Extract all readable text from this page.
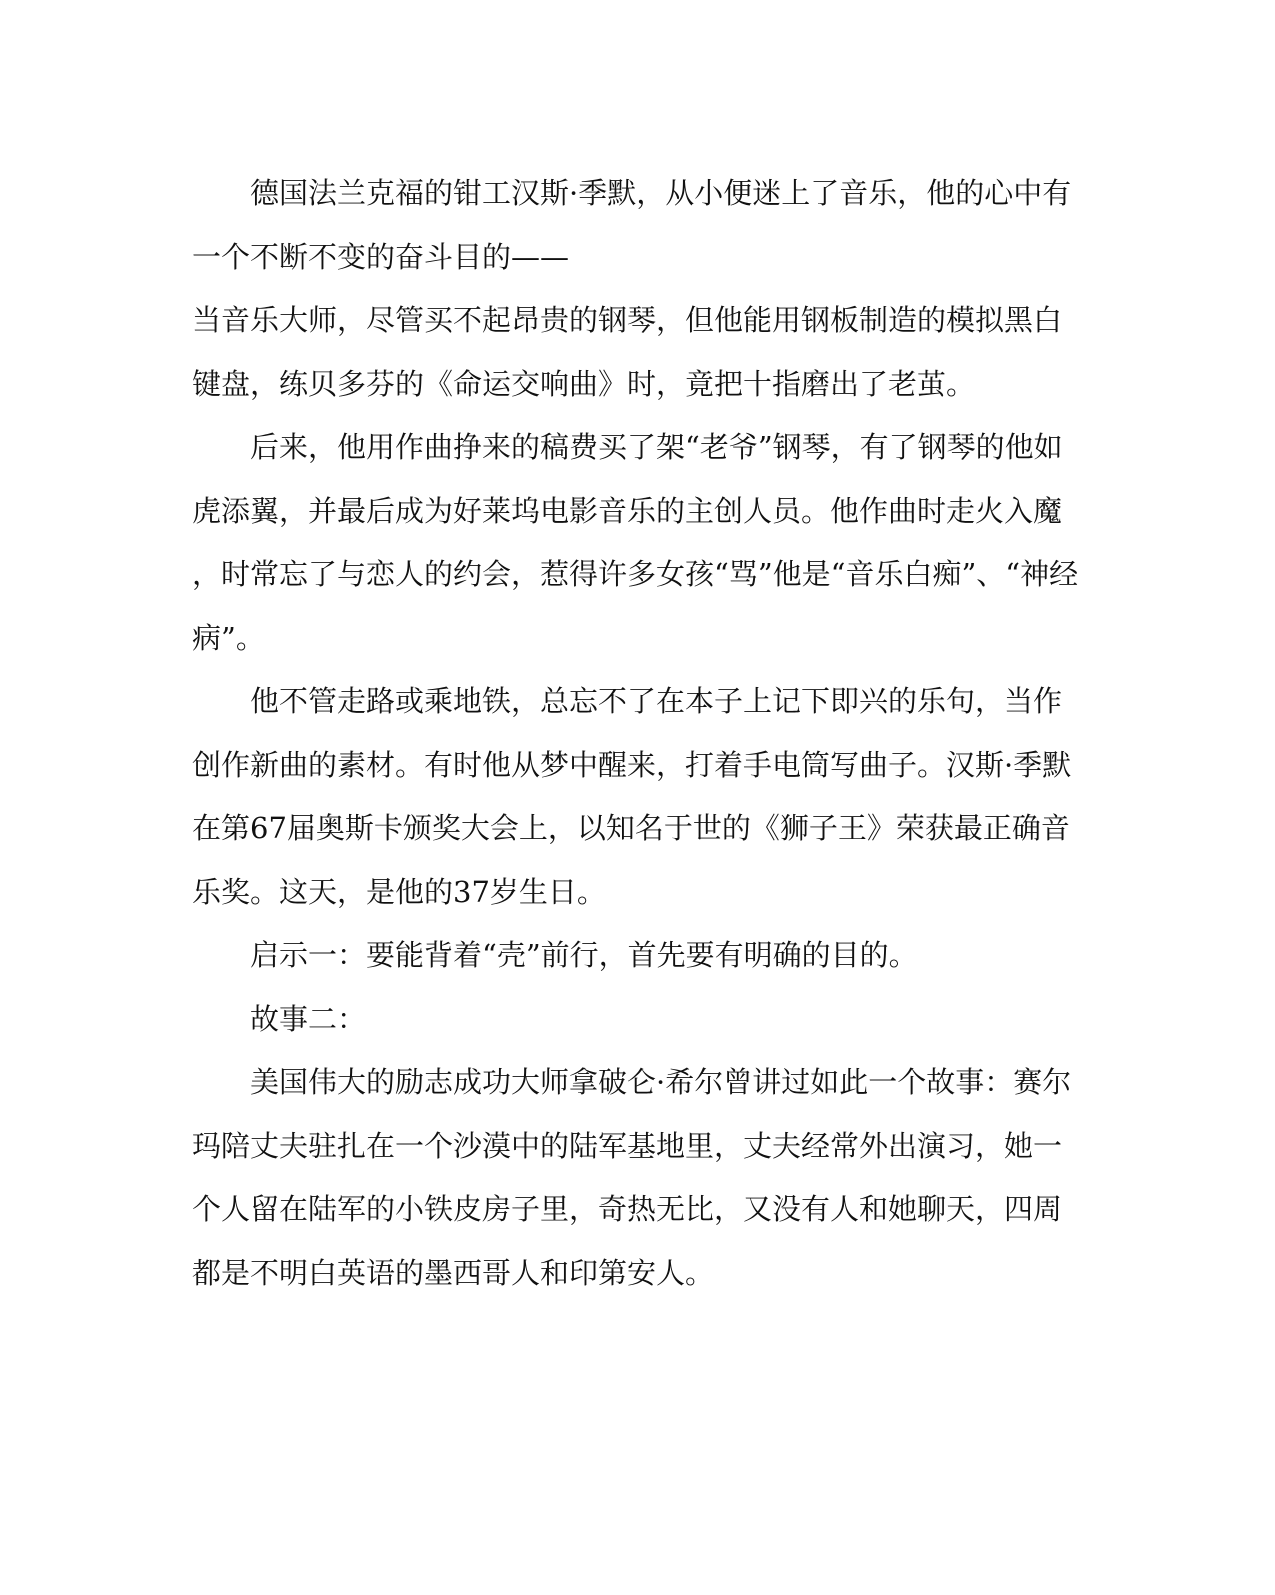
德国法兰克福的钳工汉斯·季默，从小便迷上了音乐，他的心中有

一个不断不变的奋斗目的——

当音乐大师，尽管买不起昂贵的钢琴，但他能用钢板制造的模拟黑白

键盘，练贝多芬的《命运交响曲》时，竟把十指磨出了老茧。

后来，他用作曲挣来的稿费买了架“老爷”钢琴，有了钢琴的他如

虎添翼，并最后成为好莱坞电影音乐的主创人员。他作曲时走火入魔

，时常忘了与恋人的约会，惹得许多女孩“骂”他是“音乐白痴”、“神经

病”。

他不管走路或乘地铁，总忘不了在本子上记下即兴的乐句，当作

创作新曲的素材。有时他从梦中醒来，打着手电筒写曲子。汉斯·季默

在第67届奥斯卡颁奖大会上，以知名于世的《狮子王》荣获最正确音

乐奖。这天，是他的37岁生日。

启示一：要能背着“壳”前行，首先要有明确的目的。

故事二：

美国伟大的励志成功大师拿破仑·希尔曾讲过如此一个故事：赛尔

玛陪丈夫驻扎在一个沙漠中的陆军基地里，丈夫经常外出演习，她一

个人留在陆军的小铁皮房子里，奇热无比，又没有人和她聊天，四周

都是不明白英语的墨西哥人和印第安人。
